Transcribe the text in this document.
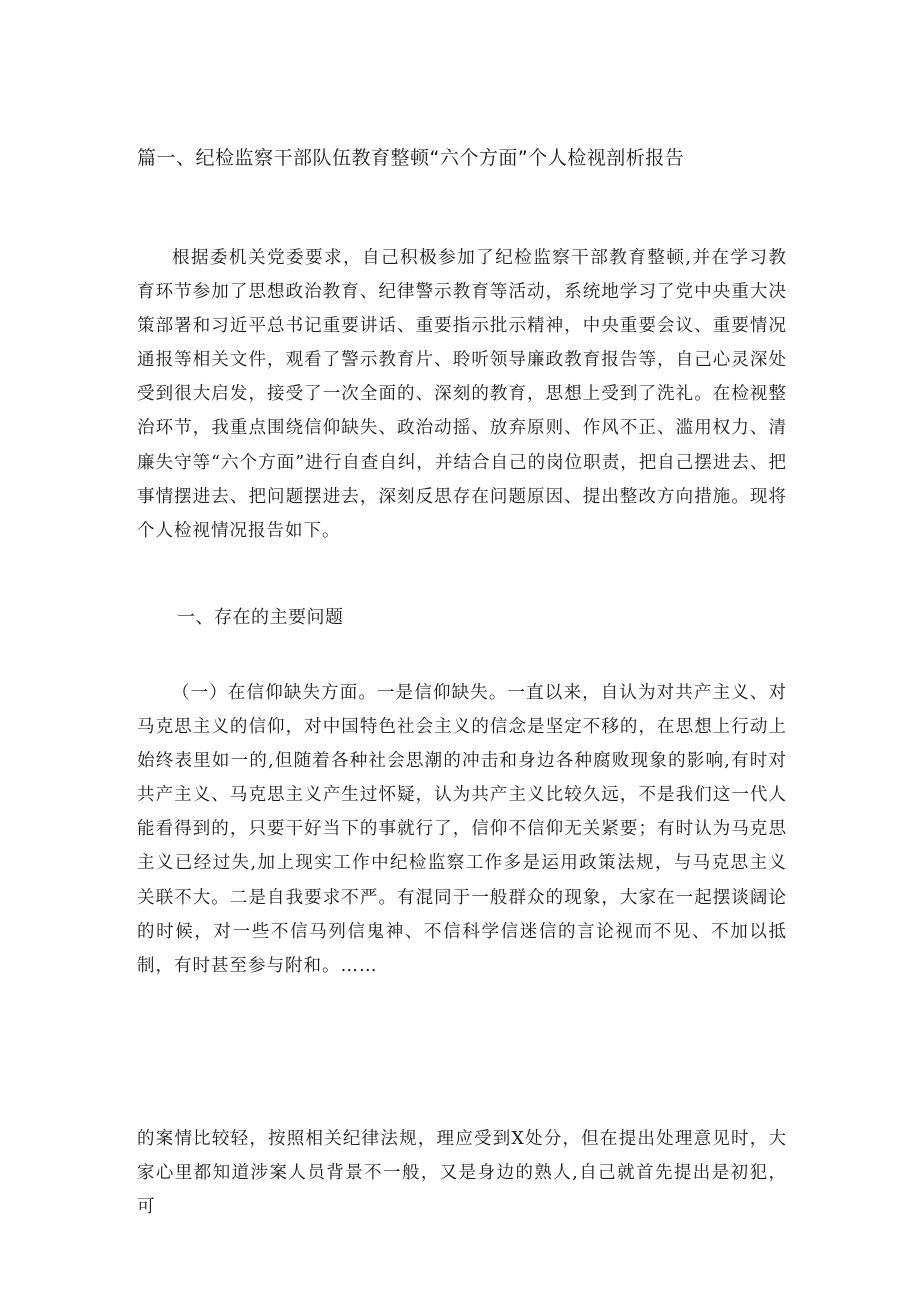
篇一、纪检监察干部队伍教育整顿“六个方面”个人检视剖析报告

根据委机关党委要求，自己积极参加了纪检监察干部教育整顿,并在学习教育环节参加了思想政治教育、纪律警示教育等活动，系统地学习了党中央重大决策部署和习近平总书记重要讲话、重要指示批示精神，中央重要会议、重要情况通报等相关文件，观看了警示教育片、聆听领导廉政教育报告等，自己心灵深处受到很大启发，接受了一次全面的、深刻的教育，思想上受到了洗礼。在检视整治环节，我重点围绕信仰缺失、政治动摇、放弃原则、作风不正、滥用权力、清廉失守等“六个方面”进行自查自纠，并结合自己的岗位职责，把自己摆进去、把事情摆进去、把问题摆进去，深刻反思存在问题原因、提出整改方向措施。现将个人检视情况报告如下。

一、存在的主要问题

（一）在信仰缺失方面。一是信仰缺失。一直以来，自认为对共产主义、对马克思主义的信仰，对中国特色社会主义的信念是坚定不移的，在思想上行动上始终表里如一的,但随着各种社会思潮的冲击和身边各种腐败现象的影响,有时对共产主义、马克思主义产生过怀疑，认为共产主义比较久远，不是我们这一代人能看得到的，只要干好当下的事就行了，信仰不信仰无关紧要；有时认为马克思主义已经过失,加上现实工作中纪检监察工作多是运用政策法规，与马克思主义关联不大。二是自我要求不严。有混同于一般群众的现象，大家在一起摆谈阔论的时候，对一些不信马列信鬼神、不信科学信迷信的言论视而不见、不加以抵制，有时甚至参与附和。……

的案情比较轻，按照相关纪律法规，理应受到X处分，但在提出处理意见时，大家心里都知道涉案人员背景不一般，又是身边的熟人,自己就首先提出是初犯，可
